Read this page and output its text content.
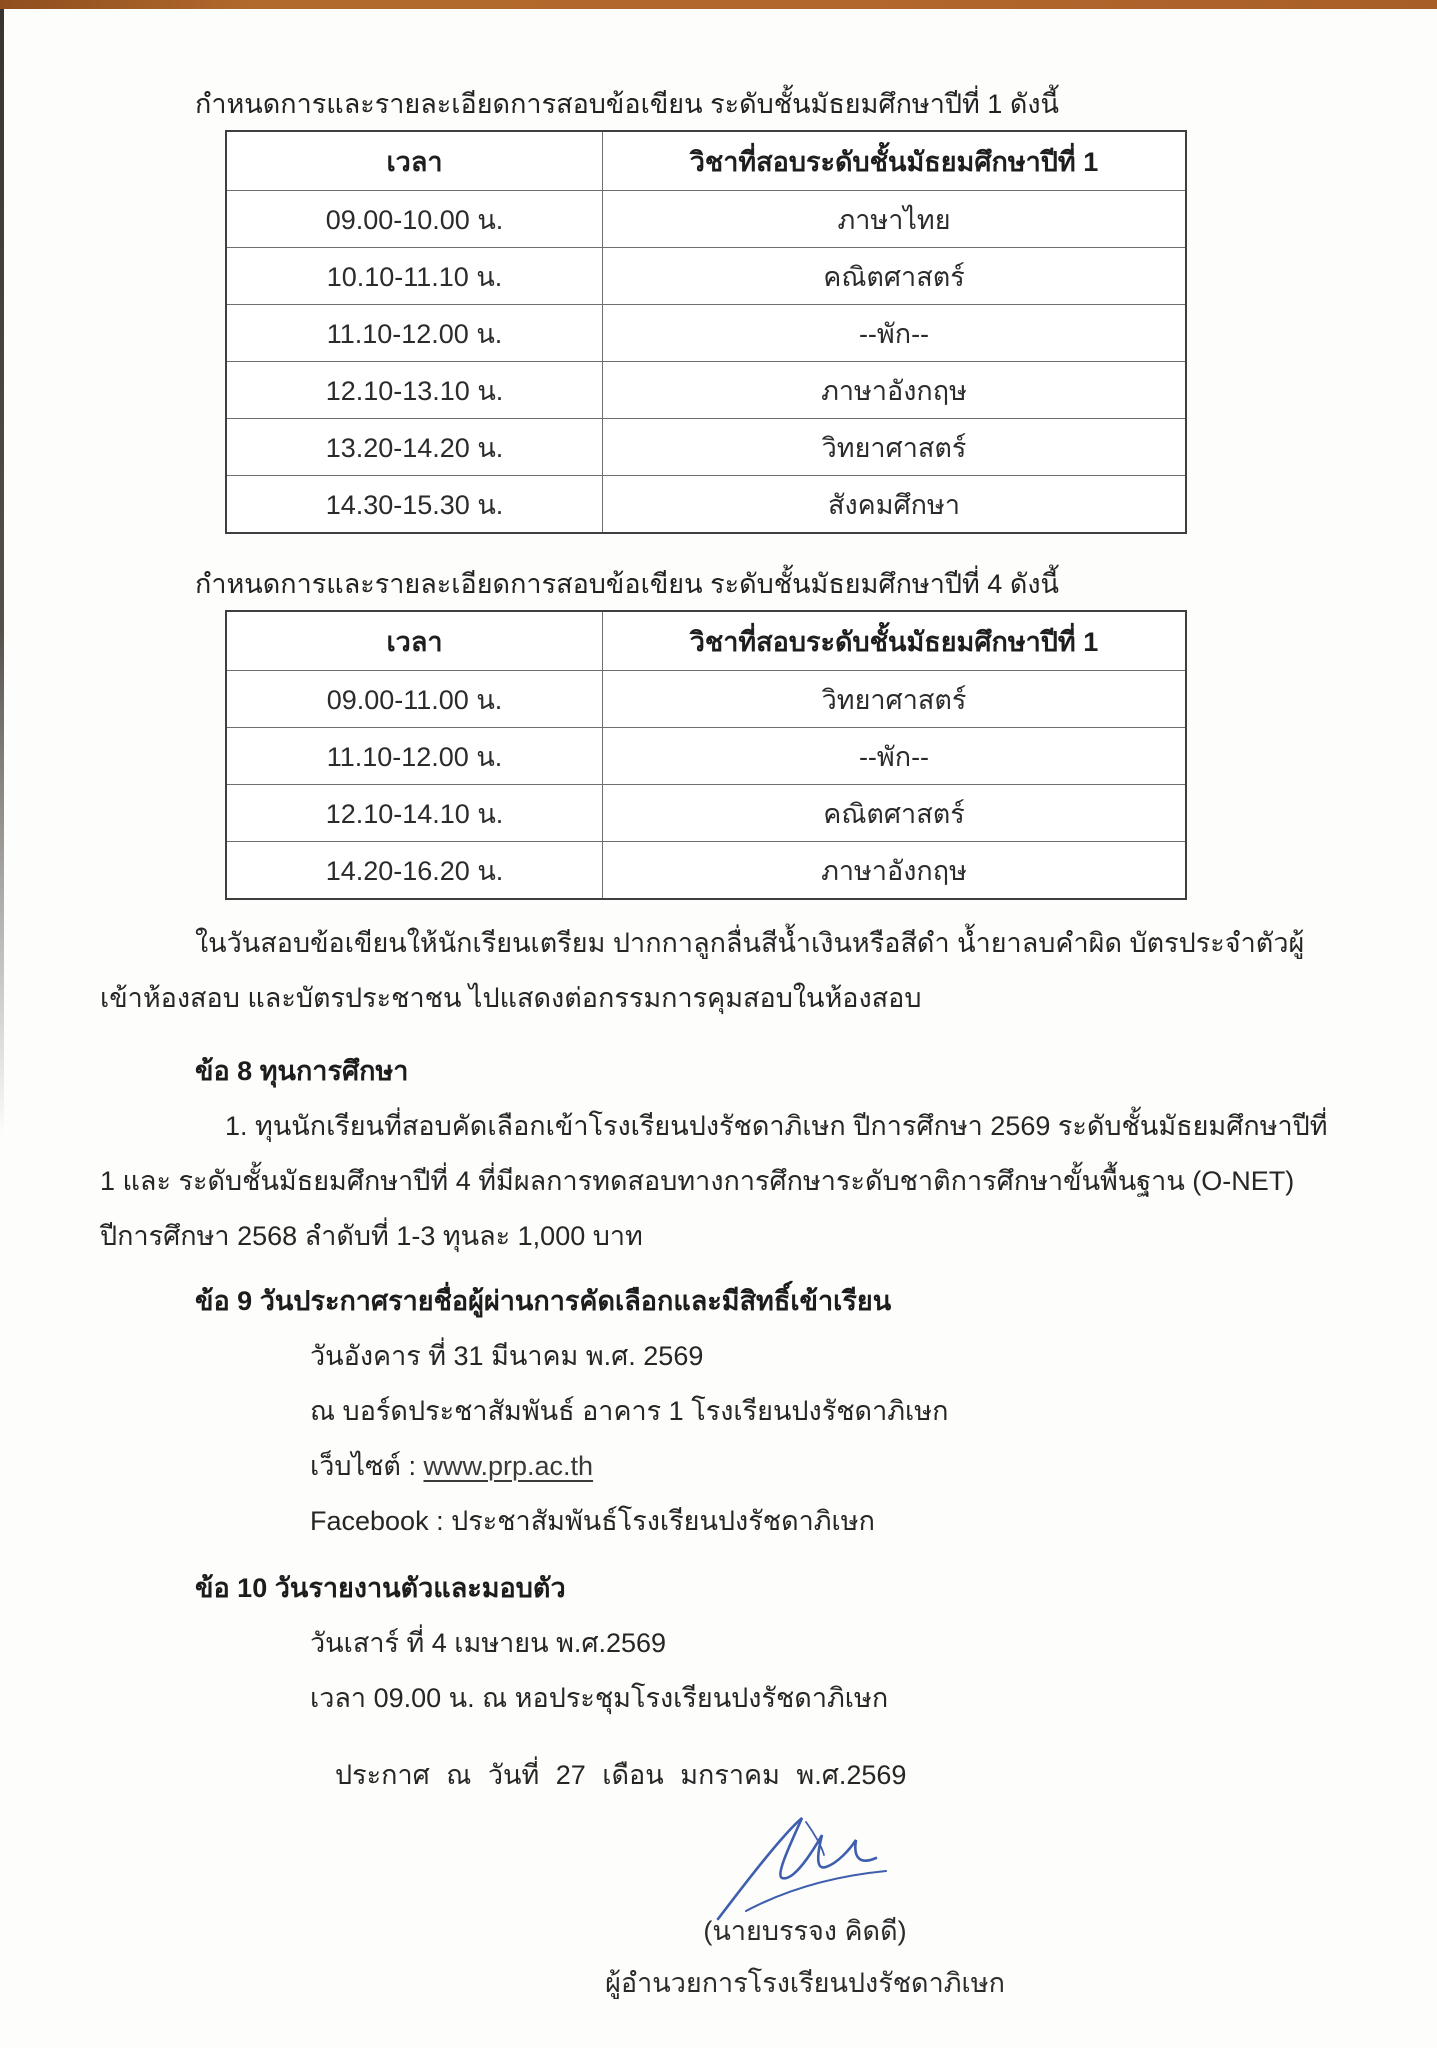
กำหนดการและรายละเอียดการสอบข้อเขียน ระดับชั้นมัธยมศึกษาปีที่ 1 ดังนี้

เวลา	วิชาที่สอบระดับชั้นมัธยมศึกษาปีที่ 1
09.00-10.00 น.	ภาษาไทย
10.10-11.10 น.	คณิตศาสตร์
11.10-12.00 น.	--พัก--
12.10-13.10 น.	ภาษาอังกฤษ
13.20-14.20 น.	วิทยาศาสตร์
14.30-15.30 น.	สังคมศึกษา

กำหนดการและรายละเอียดการสอบข้อเขียน ระดับชั้นมัธยมศึกษาปีที่ 4 ดังนี้

เวลา	วิชาที่สอบระดับชั้นมัธยมศึกษาปีที่ 1
09.00-11.00 น.	วิทยาศาสตร์
11.10-12.00 น.	--พัก--
12.10-14.10 น.	คณิตศาสตร์
14.20-16.20 น.	ภาษาอังกฤษ

ในวันสอบข้อเขียนให้นักเรียนเตรียม ปากกาลูกลื่นสีน้ำเงินหรือสีดำ น้ำยาลบคำผิด บัตรประจำตัวผู้

เข้าห้องสอบ และบัตรประชาชน ไปแสดงต่อกรรมการคุมสอบในห้องสอบ

ข้อ 8 ทุนการศึกษา

1. ทุนนักเรียนที่สอบคัดเลือกเข้าโรงเรียนปงรัชดาภิเษก ปีการศึกษา 2569 ระดับชั้นมัธยมศึกษาปีที่

1 และ ระดับชั้นมัธยมศึกษาปีที่ 4 ที่มีผลการทดสอบทางการศึกษาระดับชาติการศึกษาขั้นพื้นฐาน (O-NET)

ปีการศึกษา 2568 ลำดับที่ 1-3 ทุนละ 1,000 บาท

ข้อ 9 วันประกาศรายชื่อผู้ผ่านการคัดเลือกและมีสิทธิ์เข้าเรียน

วันอังคาร ที่ 31 มีนาคม พ.ศ. 2569

ณ บอร์ดประชาสัมพันธ์ อาคาร 1 โรงเรียนปงรัชดาภิเษก

เว็บไซต์ : www.prp.ac.th

Facebook : ประชาสัมพันธ์โรงเรียนปงรัชดาภิเษก

ข้อ 10 วันรายงานตัวและมอบตัว

วันเสาร์ ที่ 4 เมษายน พ.ศ.2569

เวลา 09.00 น. ณ หอประชุมโรงเรียนปงรัชดาภิเษก

ประกาศ ณ วันที่ 27 เดือน มกราคม พ.ศ.2569

(นายบรรจง คิดดี)

ผู้อำนวยการโรงเรียนปงรัชดาภิเษก
